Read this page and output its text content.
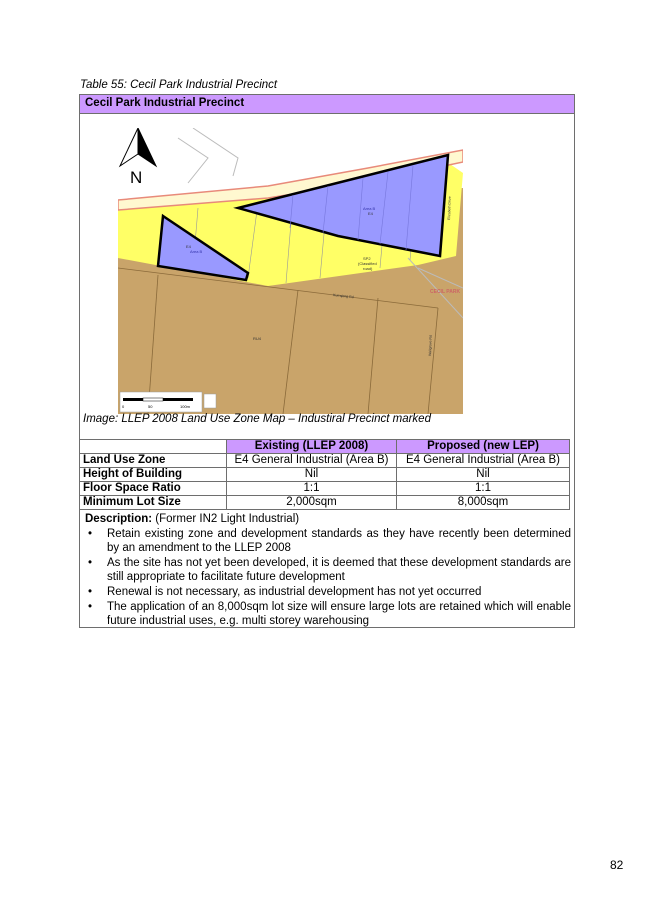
Table 55: Cecil Park Industrial Precinct
Cecil Park Industrial Precinct
Area B
E4
E4
Area B
SP2
(Classified
road)
CECIL PARK
RU4
Kurrajong Rd
Elizabeth Drive
Wallgrove Rd
N
0	50	100m
Image: LLEP 2008 Land Use Zone Map – Industiral Precinct marked
	Existing (LLEP 2008)	Proposed (new LEP)
Land Use Zone	E4 General Industrial (Area B)	E4 General Industrial (Area B)
Height of Building	Nil	Nil
Floor Space Ratio	1:1	1:1
Minimum Lot Size	2,000sqm	8,000sqm
Description: (Former IN2 Light Industrial)
• Retain existing zone and development standards as they have recently been determined by an amendment to the LLEP 2008
• As the site has not yet been developed, it is deemed that these development standards are still appropriate to facilitate future development
• Renewal is not necessary, as industrial development has not yet occurred
• The application of an 8,000sqm lot size will ensure large lots are retained which will enable future industrial uses, e.g. multi storey warehousing
82
